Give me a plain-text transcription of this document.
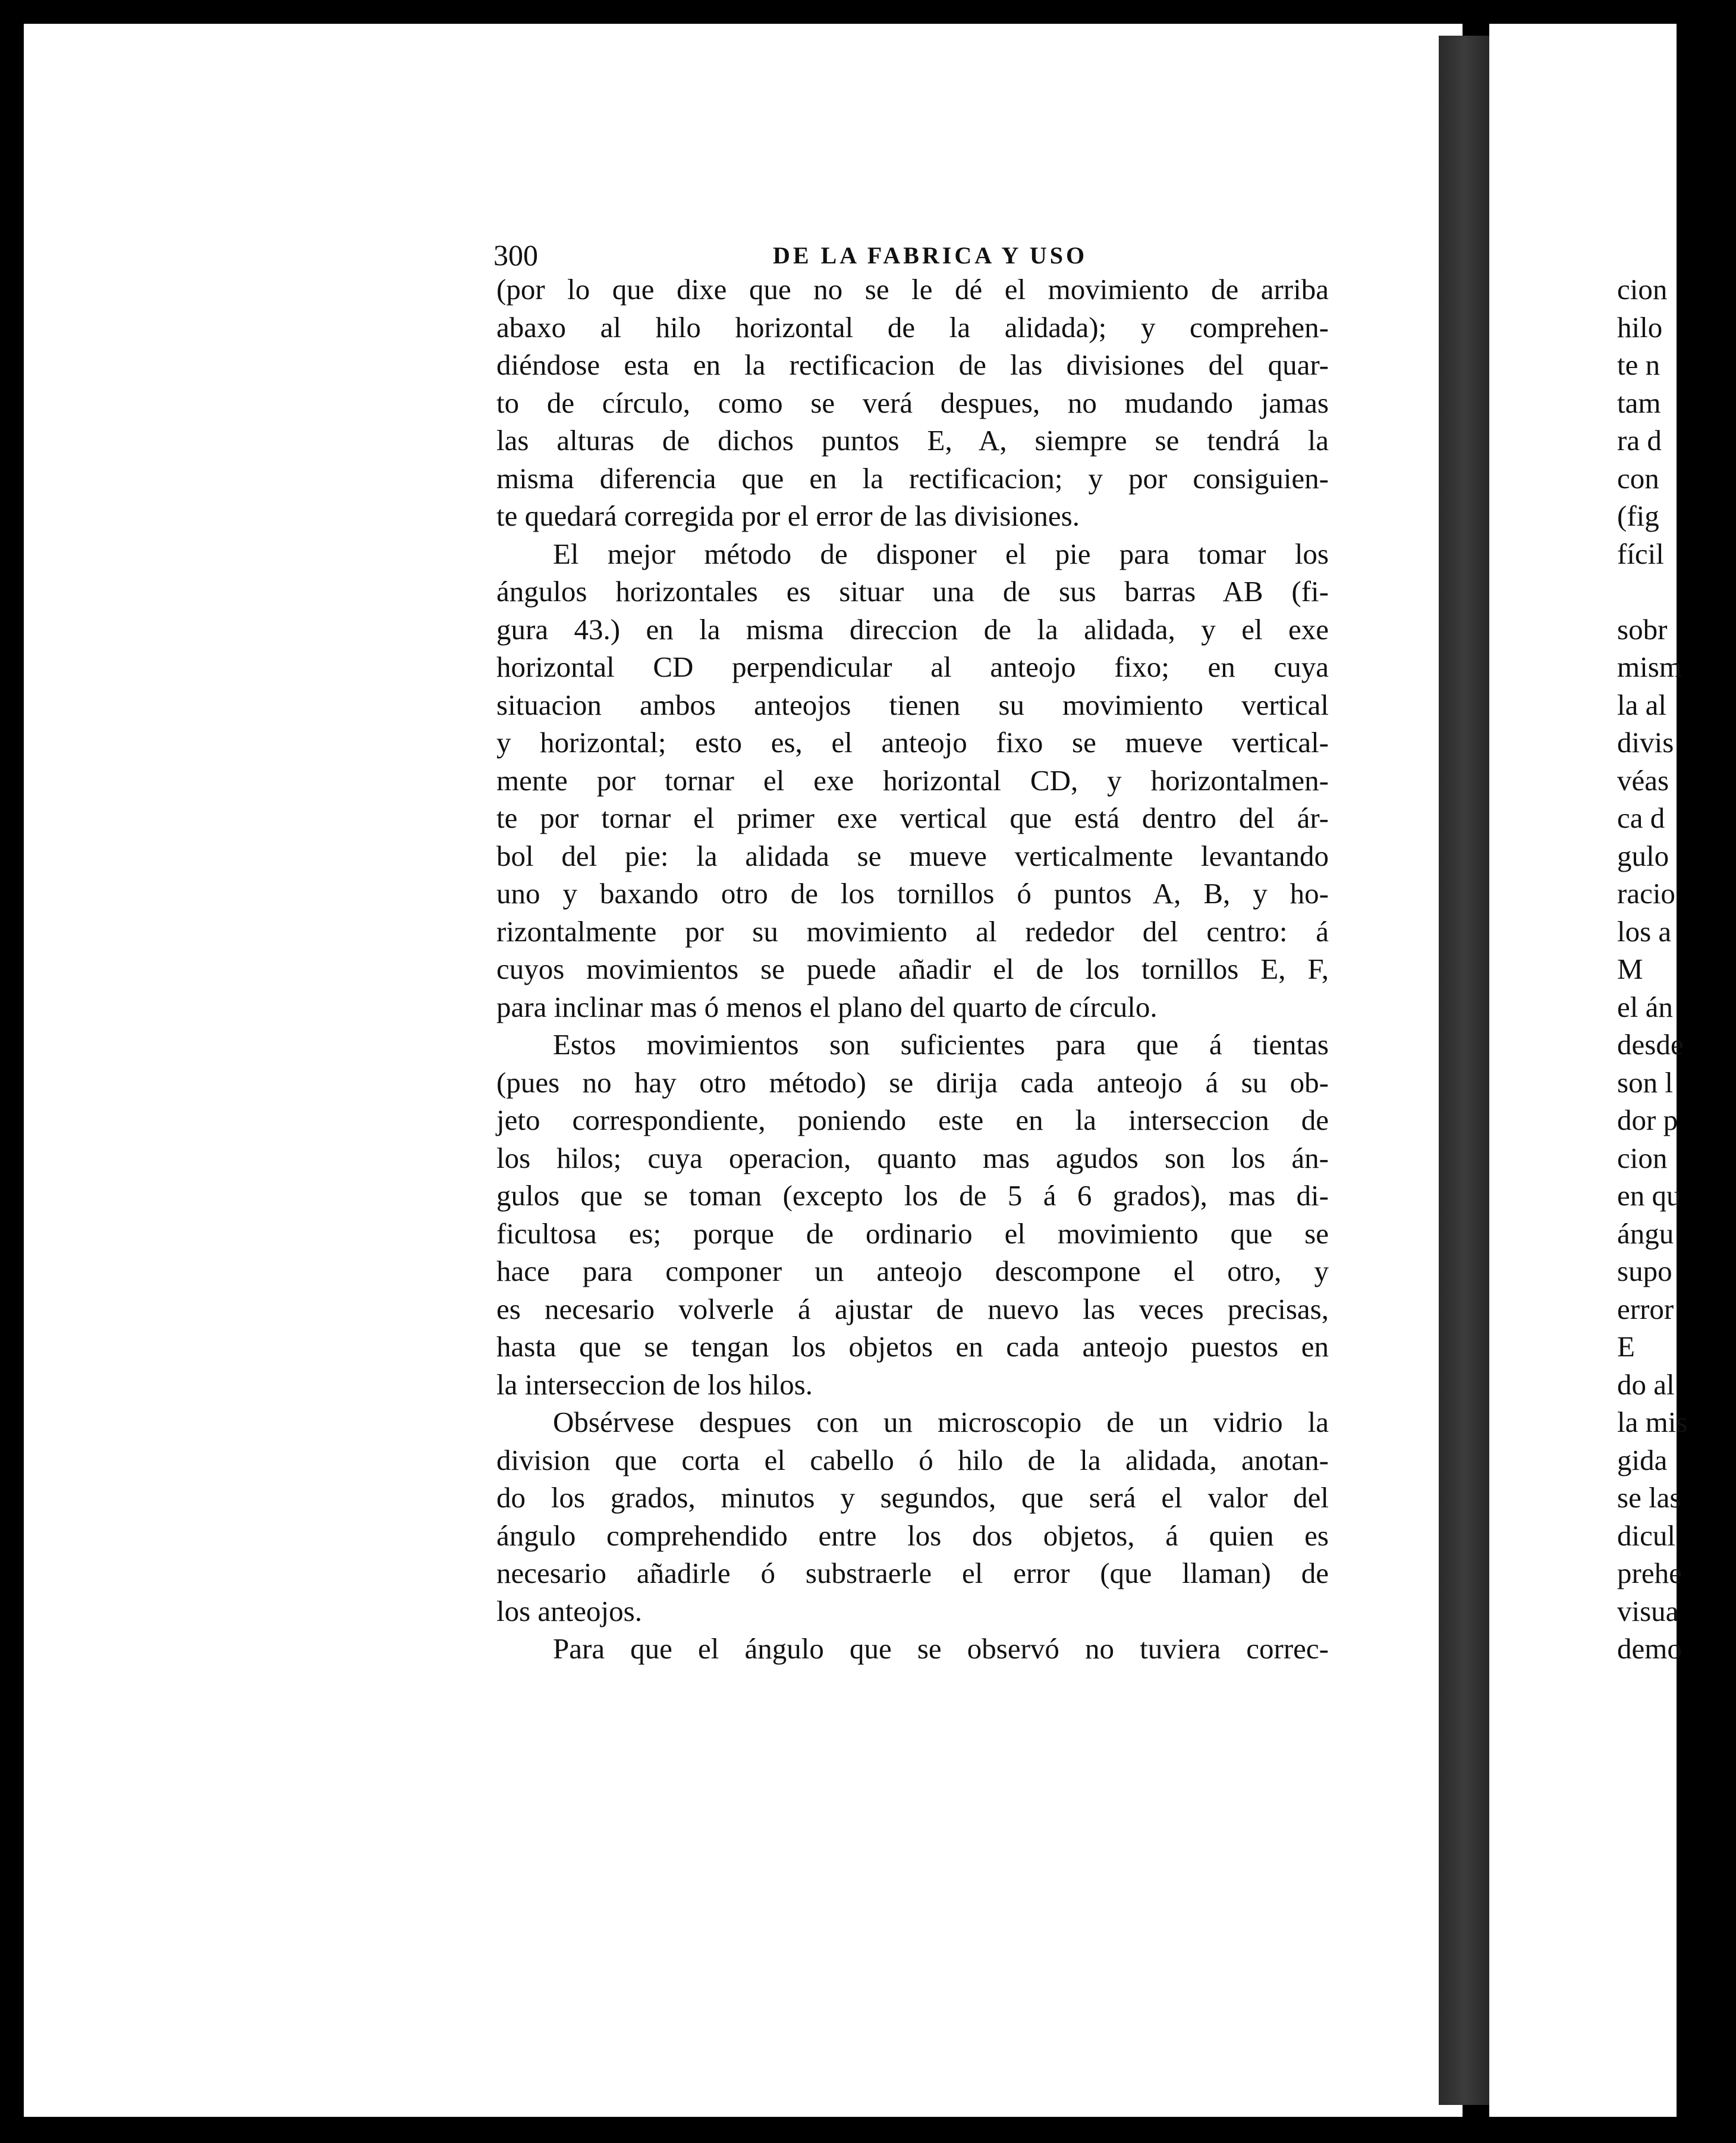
300	DE LA FABRICA Y USO
(por lo que dixe que no se le dé el movimiento de arriba
abaxo al hilo horizontal de la alidada); y comprehen-
diéndose esta en la rectificacion de las divisiones del quar-
to de círculo, como se verá despues, no mudando jamas
las alturas de dichos puntos E, A, siempre se tendrá la
misma diferencia que en la rectificacion; y por consiguien-
te quedará corregida por el error de las divisiones.
El mejor método de disponer el pie para tomar los
ángulos horizontales es situar una de sus barras AB (fi-
gura 43.) en la misma direccion de la alidada, y el exe
horizontal CD perpendicular al anteojo fixo; en cuya
situacion ambos anteojos tienen su movimiento vertical
y horizontal; esto es, el anteojo fixo se mueve vertical-
mente por tornar el exe horizontal CD, y horizontalmen-
te por tornar el primer exe vertical que está dentro del ár-
bol del pie: la alidada se mueve verticalmente levantando
uno y baxando otro de los tornillos ó puntos A, B, y ho-
rizontalmente por su movimiento al rededor del centro: á
cuyos movimientos se puede añadir el de los tornillos E, F,
para inclinar mas ó menos el plano del quarto de círculo.
Estos movimientos son suficientes para que á tientas
(pues no hay otro método) se dirija cada anteojo á su ob-
jeto correspondiente, poniendo este en la interseccion de
los hilos; cuya operacion, quanto mas agudos son los án-
gulos que se toman (excepto los de 5 á 6 grados), mas di-
ficultosa es; porque de ordinario el movimiento que se
hace para componer un anteojo descompone el otro, y
es necesario volverle á ajustar de nuevo las veces precisas,
hasta que se tengan los objetos en cada anteojo puestos en
la interseccion de los hilos.
Obsérvese despues con un microscopio de un vidrio la
division que corta el cabello ó hilo de la alidada, anotan-
do los grados, minutos y segundos, que será el valor del
ángulo comprehendido entre los dos objetos, á quien es
necesario añadirle ó substraerle el error (que llaman) de
los anteojos.
Para que el ángulo que se observó no tuviera correc-
cion
hilo
te n
tam
ra d
con
(fig
fícil
sobr
mism
la al
divis
véas
ca d
gulo
racio
los a
M
el án
desde
son l
dor p
cion
en qu
ángu
supo
error
E
do al
la mis
gida
se las
dicul
prehe
visua
demo
